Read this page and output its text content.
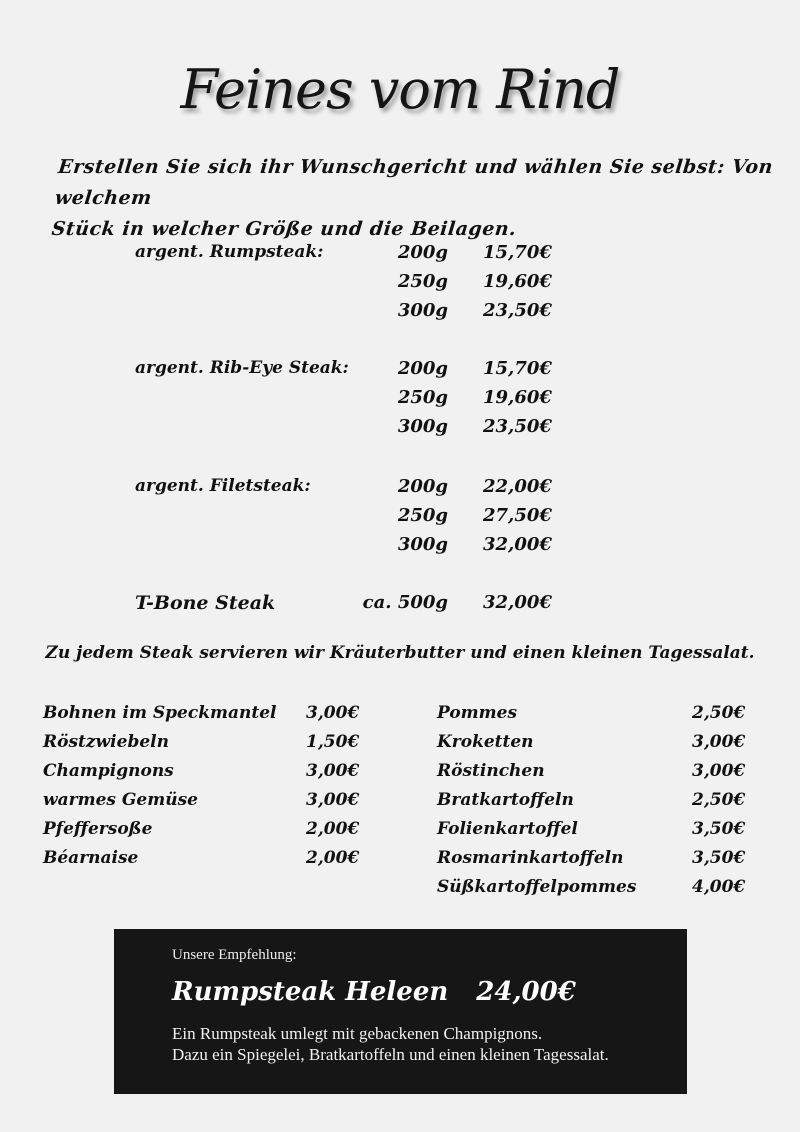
Feines vom Rind
Erstellen Sie sich ihr Wunschgericht und wählen Sie selbst: Von welchem
Stück in welcher Größe und die Beilagen.
argent. Rumpsteak:	200g 15,70€
250g 19,60€
300g 23,50€
argent. Rib-Eye Steak:	200g 15,70€
250g 19,60€
300g 23,50€
argent. Filetsteak:	200g 22,00€
250g 27,50€
300g 32,00€
T-Bone Steak	ca. 500g 32,00€
Zu jedem Steak servieren wir Kräuterbutter und einen kleinen Tagessalat.
Bohnen im Speckmantel 3,00€
Röstzwiebeln	1,50€
Champignons	3,00€
warmes Gemüse	3,00€
Pfeffersoße	2,00€
Béarnaise	2,00€
Pommes	2,50€
Kroketten	3,00€
Röstinchen	3,00€
Bratkartoffeln	2,50€
Folienkartoffel	3,50€
Rosmarinkartoffeln	3,50€
Süßkartoffelpommes	4,00€
Unsere Empfehlung:
Rumpsteak Heleen 24,00€
Ein Rumpsteak umlegt mit gebackenen Champignons.
Dazu ein Spiegelei, Bratkartoffeln und einen kleinen Tagessalat.
